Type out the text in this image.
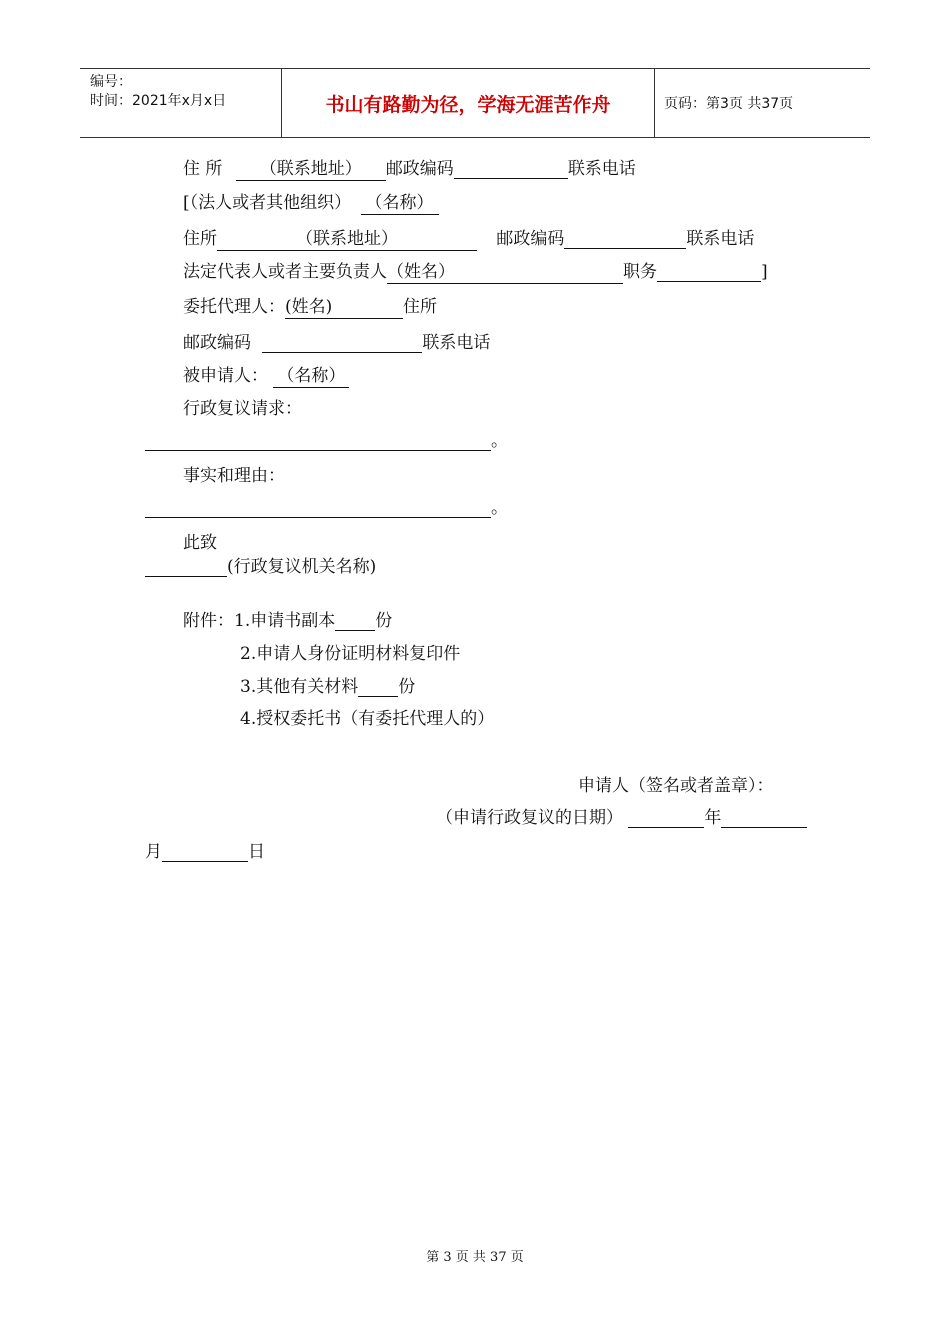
编号：
时间：2021年x月x日	书山有路勤为径，学海无涯苦作舟	页码：第3页 共37页
住 所 （联系地址） 邮政编码	联系电话
[（法人或者其他组织） （名称）
住所	（联系地址）	邮政编码	联系电话
法定代表人或者主要负责人（姓名）	职务	]
委托代理人：(姓名)	住所
邮政编码	联系电话
被申请人： （名称）
行政复议请求：
。
事实和理由：
。
此致
(行政复议机关名称)
附件：1.申请书副本 份
2.申请人身份证明材料复印件
3.其他有关材料 份
4.授权委托书（有委托代理人的）
申请人（签名或者盖章）：
（申请行政复议的日期）	年
月	日
第 3 页 共 37 页
